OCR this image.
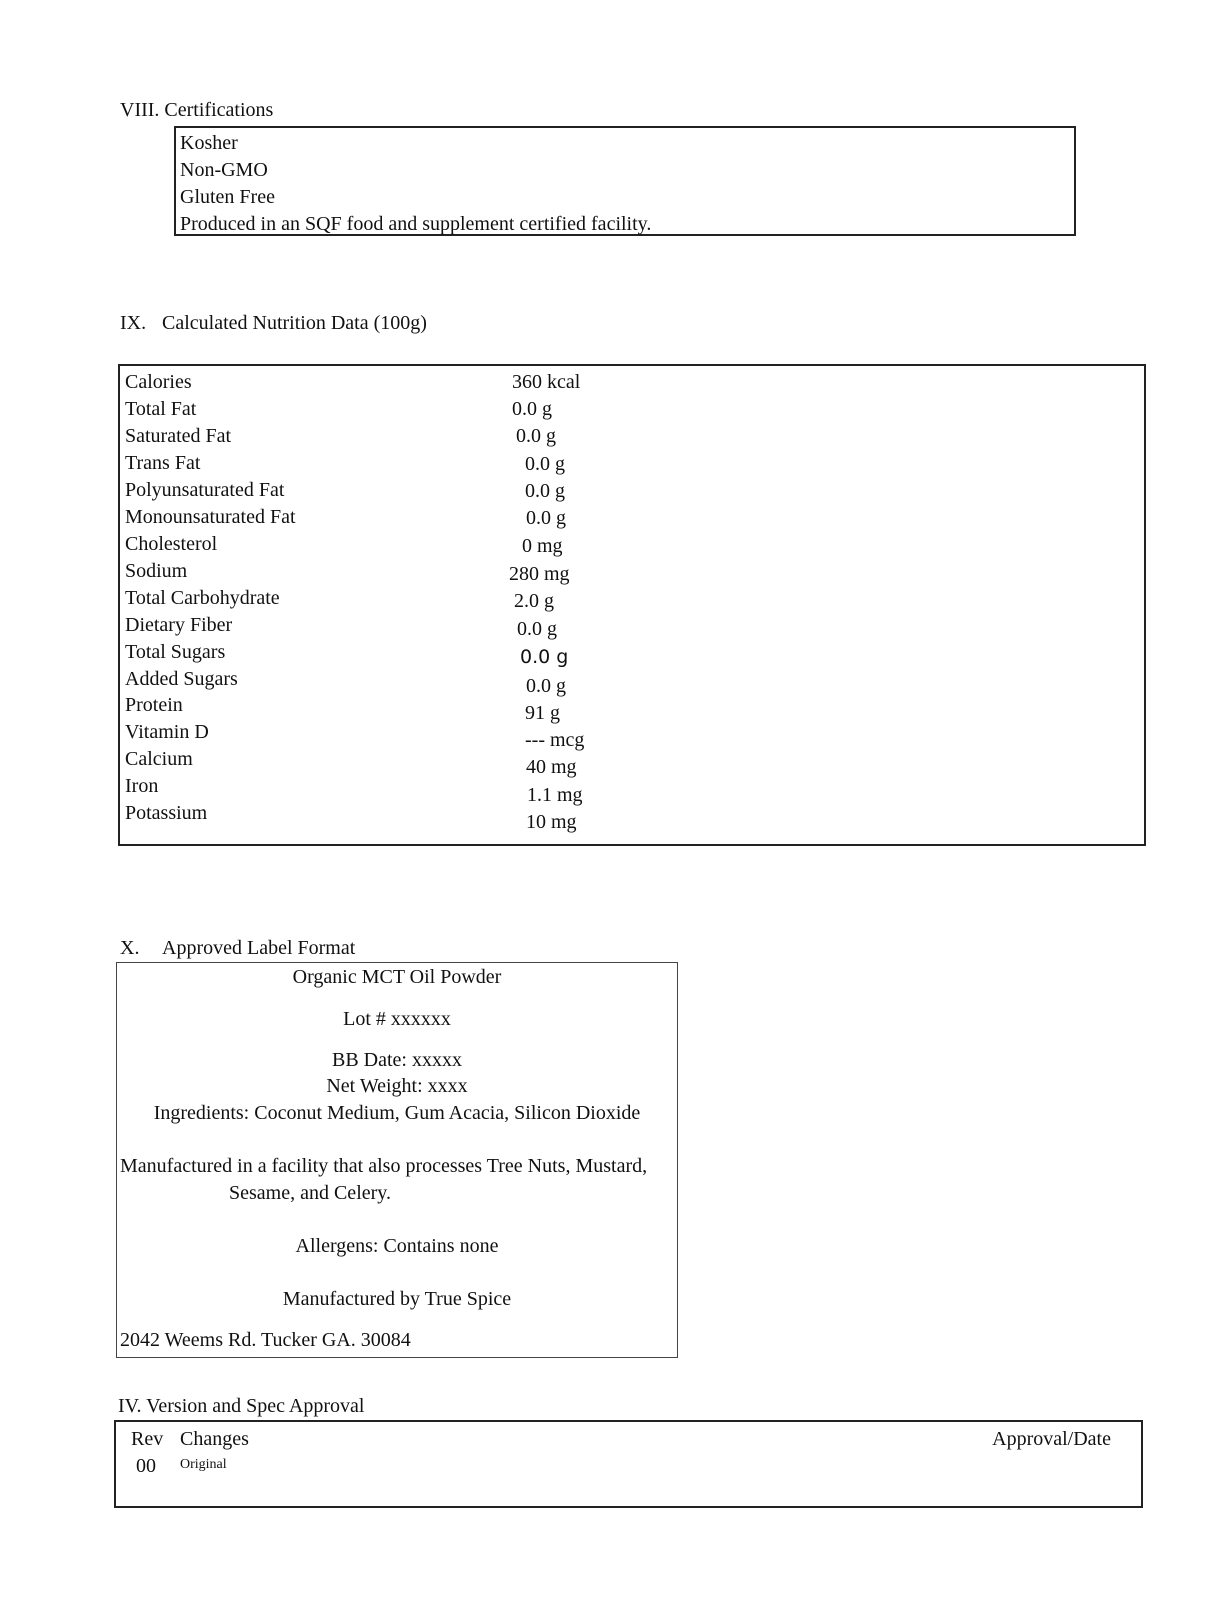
VIII. Certifications
Kosher
Non-GMO
Gluten Free
Produced in an SQF food and supplement certified facility.
IX. Calculated Nutrition Data (100g)
Calories
Total Fat
Saturated Fat
Trans Fat
Polyunsaturated Fat
Monounsaturated Fat
Cholesterol
Sodium
Total Carbohydrate
Dietary Fiber
Total Sugars
Added Sugars
Protein
Vitamin D
Calcium
Iron
Potassium
360 kcal
0.0 g
0.0 g
0.0 g
0.0 g
0.0 g
0 mg
280 mg
2.0 g
0.0 g
0.0 g
0.0 g
91 g
--- mcg
40 mg
1.1 mg
10 mg
X. Approved Label Format
Organic MCT Oil Powder
Lot # xxxxxx
BB Date: xxxxx
Net Weight: xxxx
Ingredients: Coconut Medium, Gum Acacia, Silicon Dioxide
Manufactured in a facility that also processes Tree Nuts, Mustard,
Sesame, and Celery.
Allergens: Contains none
Manufactured by True Spice
2042 Weems Rd. Tucker GA. 30084
IV. Version and Spec Approval
Rev Changes	Approval/Date
00 Original
